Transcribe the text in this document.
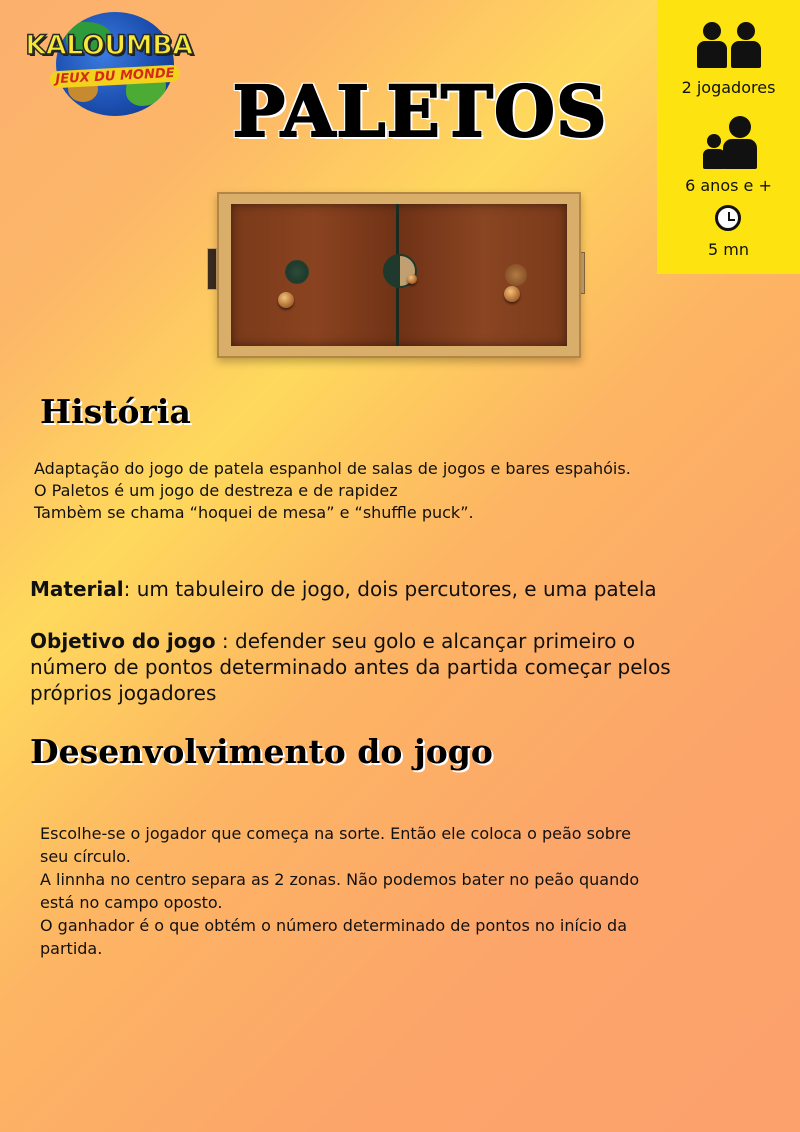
KALOUMBA
JEUX DU MONDE PALETOS	2 jogadores
6 anos e +
5 mn
História

Adaptação do jogo de patela espanhol de salas de jogos e bares espahóis.
O Paletos é um jogo de destreza e de rapidez
Tambèm se chama “hoquei de mesa” e “shuffle puck”.

Material: um tabuleiro de jogo, dois percutores, e uma patela

Objetivo do jogo : defender seu golo e alcançar primeiro o
número de pontos determinado antes da partida começar pelos
próprios jogadores

Desenvolvimento do jogo

Escolhe-se o jogador que começa na sorte. Então ele coloca o peão sobre
seu círculo.
A linnha no centro separa as 2 zonas. Não podemos bater no peão quando
está no campo oposto.
O ganhador é o que obtém o número determinado de pontos no início da
partida.
